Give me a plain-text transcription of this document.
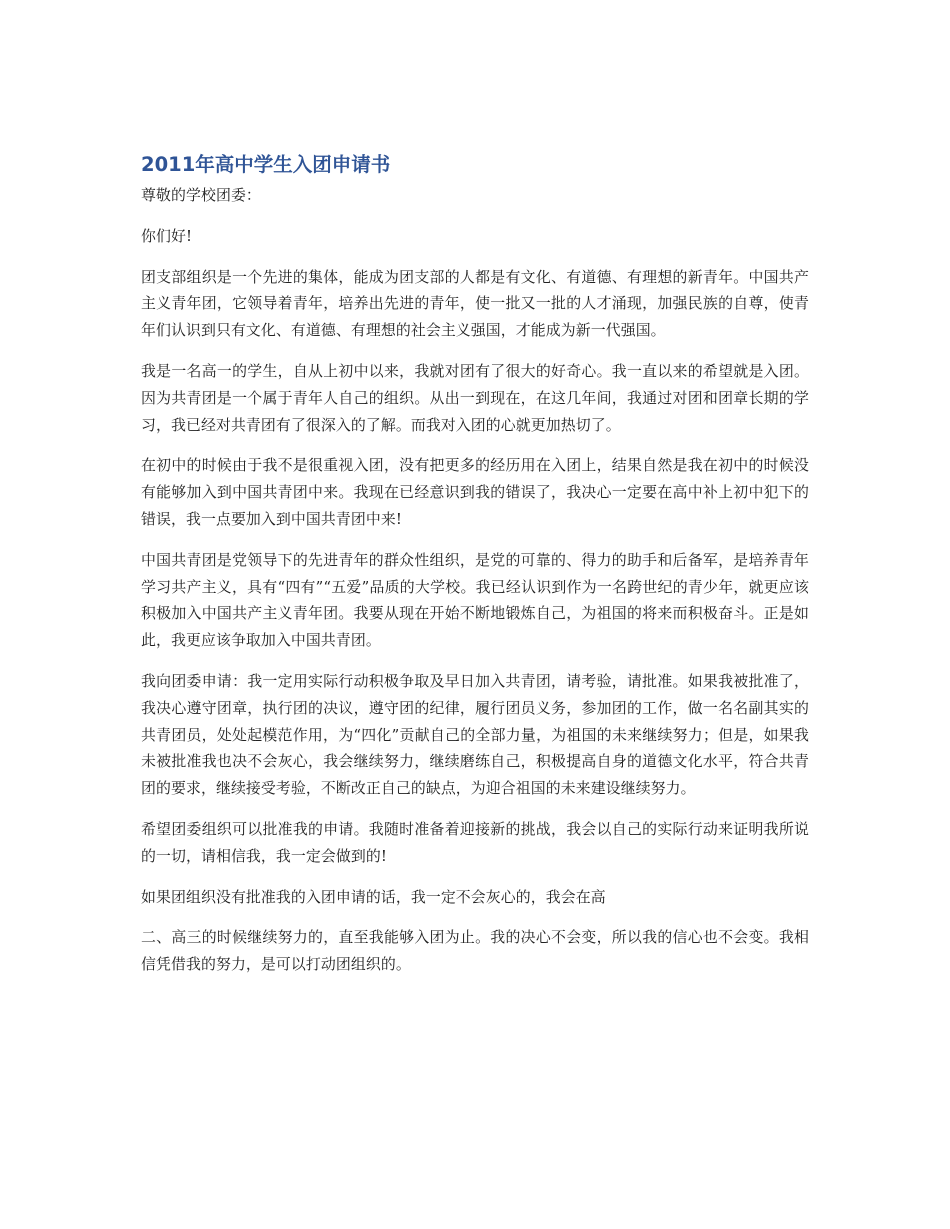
2011年高中学生入团申请书

尊敬的学校团委：

你们好!

团支部组织是一个先进的集体，能成为团支部的人都是有文化、有道德、有理想的新青年。中国共产主义青年团，它领导着青年，培养出先进的青年，使一批又一批的人才涌现，加强民族的自尊，使青年们认识到只有文化、有道德、有理想的社会主义强国，才能成为新一代强国。

我是一名高一的学生，自从上初中以来，我就对团有了很大的好奇心。我一直以来的希望就是入团。因为共青团是一个属于青年人自己的组织。从出一到现在，在这几年间，我通过对团和团章长期的学习，我已经对共青团有了很深入的了解。而我对入团的心就更加热切了。

在初中的时候由于我不是很重视入团，没有把更多的经历用在入团上，结果自然是我在初中的时候没有能够加入到中国共青团中来。我现在已经意识到我的错误了，我决心一定要在高中补上初中犯下的错误，我一点要加入到中国共青团中来!

中国共青团是党领导下的先进青年的群众性组织，是党的可靠的、得力的助手和后备军，是培养青年学习共产主义，具有“四有”“五爱”品质的大学校。我已经认识到作为一名跨世纪的青少年，就更应该积极加入中国共产主义青年团。我要从现在开始不断地锻炼自己，为祖国的将来而积极奋斗。正是如此，我更应该争取加入中国共青团。

我向团委申请：我一定用实际行动积极争取及早日加入共青团，请考验，请批准。如果我被批准了，我决心遵守团章，执行团的决议，遵守团的纪律，履行团员义务，参加团的工作，做一名名副其实的共青团员，处处起模范作用，为“四化”贡献自己的全部力量，为祖国的未来继续努力；但是，如果我未被批准我也决不会灰心，我会继续努力，继续磨练自己，积极提高自身的道德文化水平，符合共青团的要求，继续接受考验，不断改正自己的缺点，为迎合祖国的未来建设继续努力。

希望团委组织可以批准我的申请。我随时准备着迎接新的挑战，我会以自己的实际行动来证明我所说的一切，请相信我，我一定会做到的!

如果团组织没有批准我的入团申请的话，我一定不会灰心的，我会在高

二、高三的时候继续努力的，直至我能够入团为止。我的决心不会变，所以我的信心也不会变。我相信凭借我的努力，是可以打动团组织的。
